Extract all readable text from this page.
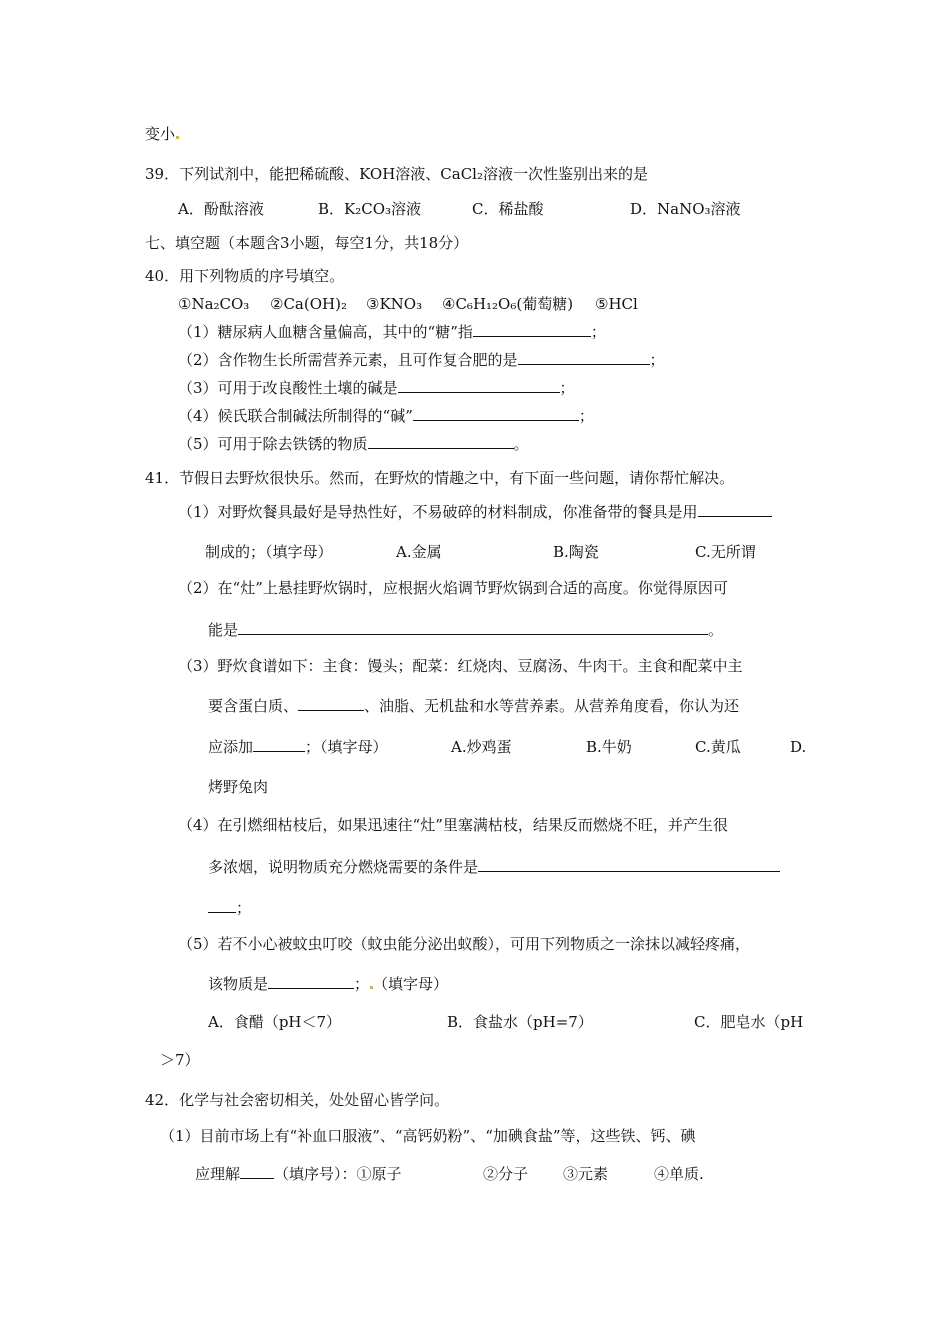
变小
39．下列试剂中，能把稀硫酸、KOH溶液、CaCl₂溶液一次性鉴别出来的是
A．酚酞溶液	B．K₂CO₃溶液	C．稀盐酸	D．NaNO₃溶液
七、填空题（本题含3小题，每空1分，共18分）
40．用下列物质的序号填空。
①Na₂CO₃ ②Ca(OH)₂ ③KNO₃ ④C₆H₁₂O₆(葡萄糖) ⑤HCl
（1）糖尿病人血糖含量偏高，其中的“糖”指	；
（2）含作物生长所需营养元素，且可作复合肥的是	；
（3）可用于改良酸性土壤的碱是	；
（4）候氏联合制碱法所制得的“碱”	；
（5）可用于除去铁锈的物质	。
41．节假日去野炊很快乐。然而，在野炊的情趣之中，有下面一些问题，请你帮忙解决。
（1）对野炊餐具最好是导热性好，不易破碎的材料制成，你准备带的餐具是用
制成的；（填字母）	A.金属	B.陶瓷	C.无所谓
（2）在“灶”上悬挂野炊锅时，应根据火焰调节野炊锅到合适的高度。你觉得原因可
能是	。
（3）野炊食谱如下：主食：馒头；配菜：红烧肉、豆腐汤、牛肉干。主食和配菜中主
要含蛋白质、	、油脂、无机盐和水等营养素。从营养角度看，你认为还
应添加	；（填字母）	A.炒鸡蛋	B.牛奶	C.黄瓜	D.
烤野兔肉
（4）在引燃细枯枝后，如果迅速往“灶”里塞满枯枝，结果反而燃烧不旺，并产生很
多浓烟，说明物质充分燃烧需要的条件是
；
（5）若不小心被蚊虫叮咬（蚊虫能分泌出蚁酸），可用下列物质之一涂抹以减轻疼痛，
该物质是	； （填字母）
A．食醋（pH＜7）	B．食盐水（pH=7）	C．肥皂水（pH
＞7）
42．化学与社会密切相关，处处留心皆学问。
（1）目前市场上有“补血口服液”、“高钙奶粉”、“加碘食盐”等，这些铁、钙、碘
应理解 （填序号）：①原子	②分子 ③元素	④单质.
